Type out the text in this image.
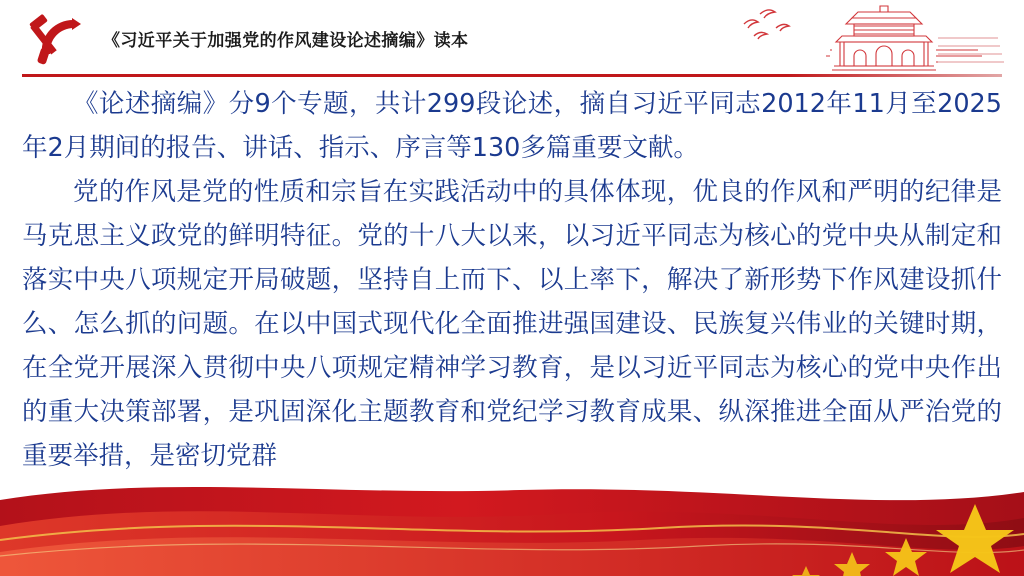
《习近平关于加强党的作风建设论述摘编》读本

《论述摘编》分9个专题，共计299段论述，摘自习近平同志2012年11月至2025年2月期间的报告、讲话、指示、序言等130多篇重要文献。

党的作风是党的性质和宗旨在实践活动中的具体体现，优良的作风和严明的纪律是马克思主义政党的鲜明特征。党的十八大以来，以习近平同志为核心的党中央从制定和落实中央八项规定开局破题，坚持自上而下、以上率下，解决了新形势下作风建设抓什么、怎么抓的问题。在以中国式现代化全面推进强国建设、民族复兴伟业的关键时期，在全党开展深入贯彻中央八项规定精神学习教育，是以习近平同志为核心的党中央作出的重大决策部署，是巩固深化主题教育和党纪学习教育成果、纵深推进全面从严治党的重要举措，是密切党群
